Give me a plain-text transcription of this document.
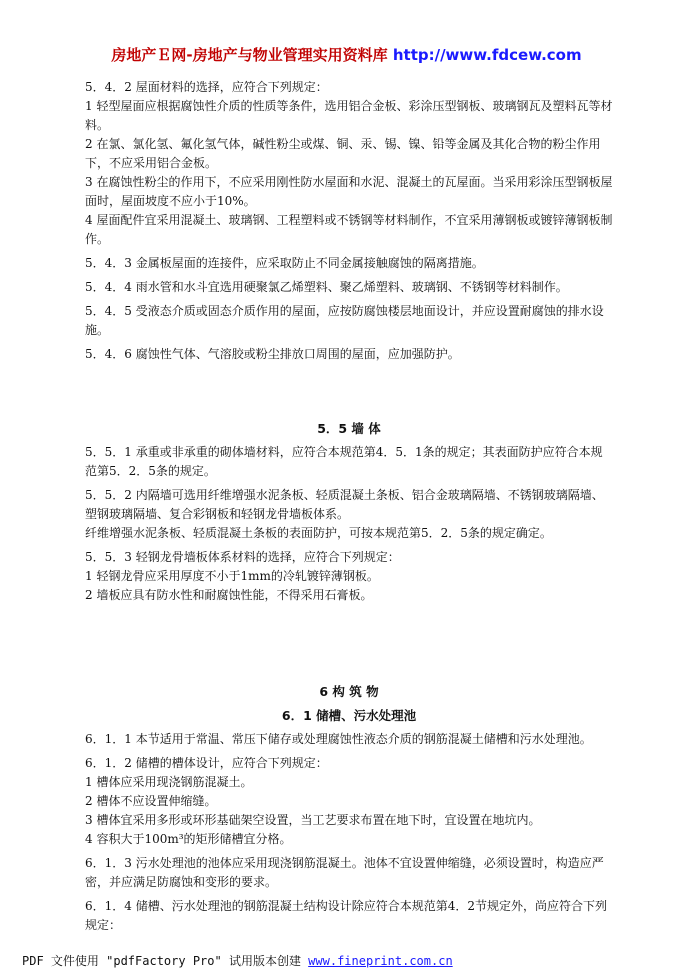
房地产Ｅ网-房地产与物业管理实用资料库 http://www.fdcew.com

5．4．2 屋面材料的选择，应符合下列规定：

1 轻型屋面应根据腐蚀性介质的性质等条件，选用铝合金板、彩涂压型钢板、玻璃钢瓦及塑料瓦等材料。

2 在氯、氯化氢、氟化氢气体，碱性粉尘或煤、铜、汞、锡、镍、铅等金属及其化合物的粉尘作用下，不应采用铝合金板。

3 在腐蚀性粉尘的作用下，不应采用刚性防水屋面和水泥、混凝土的瓦屋面。当采用彩涂压型钢板屋面时，屋面坡度不应小于10%。

4 屋面配件宜采用混凝土、玻璃钢、工程塑料或不锈钢等材料制作，不宜采用薄钢板或镀锌薄钢板制作。

5．4．3 金属板屋面的连接件，应采取防止不同金属接触腐蚀的隔离措施。

5．4．4 雨水管和水斗宜选用硬聚氯乙烯塑料、聚乙烯塑料、玻璃钢、不锈钢等材料制作。

5．4．5 受液态介质或固态介质作用的屋面，应按防腐蚀楼层地面设计，并应设置耐腐蚀的排水设施。

5．4．6 腐蚀性气体、气溶胶或粉尘排放口周围的屋面，应加强防护。

5．5 墙 体

5．5．1 承重或非承重的砌体墙材料，应符合本规范第4．5．1条的规定；其表面防护应符合本规范第5．2．5条的规定。

5．5．2 内隔墙可选用纤维增强水泥条板、轻质混凝土条板、铝合金玻璃隔墙、不锈钢玻璃隔墙、塑钢玻璃隔墙、复合彩钢板和轻钢龙骨墙板体系。

纤维增强水泥条板、轻质混凝土条板的表面防护，可按本规范第5．2．5条的规定确定。

5．5．3 轻钢龙骨墙板体系材料的选择，应符合下列规定：

1 轻钢龙骨应采用厚度不小于1mm的冷轧镀锌薄钢板。

2 墙板应具有防水性和耐腐蚀性能，不得采用石膏板。

6 构 筑 物

6．1 储槽、污水处理池

6．1．1 本节适用于常温、常压下储存或处理腐蚀性液态介质的钢筋混凝土储槽和污水处理池。

6．1．2 储槽的槽体设计，应符合下列规定：

1 槽体应采用现浇钢筋混凝土。

2 槽体不应设置伸缩缝。

3 槽体宜采用多形或环形基础架空设置，当工艺要求布置在地下时，宜设置在地坑内。

4 容积大于100m³的矩形储槽宜分格。

6．1．3 污水处理池的池体应采用现浇钢筋混凝土。池体不宜设置伸缩缝，必须设置时，构造应严密，并应满足防腐蚀和变形的要求。

6．1．4 储槽、污水处理池的钢筋混凝土结构设计除应符合本规范第4．2节规定外，尚应符合下列规定：

PDF 文件使用 "pdfFactory Pro" 试用版本创建 www.fineprint.com.cn
